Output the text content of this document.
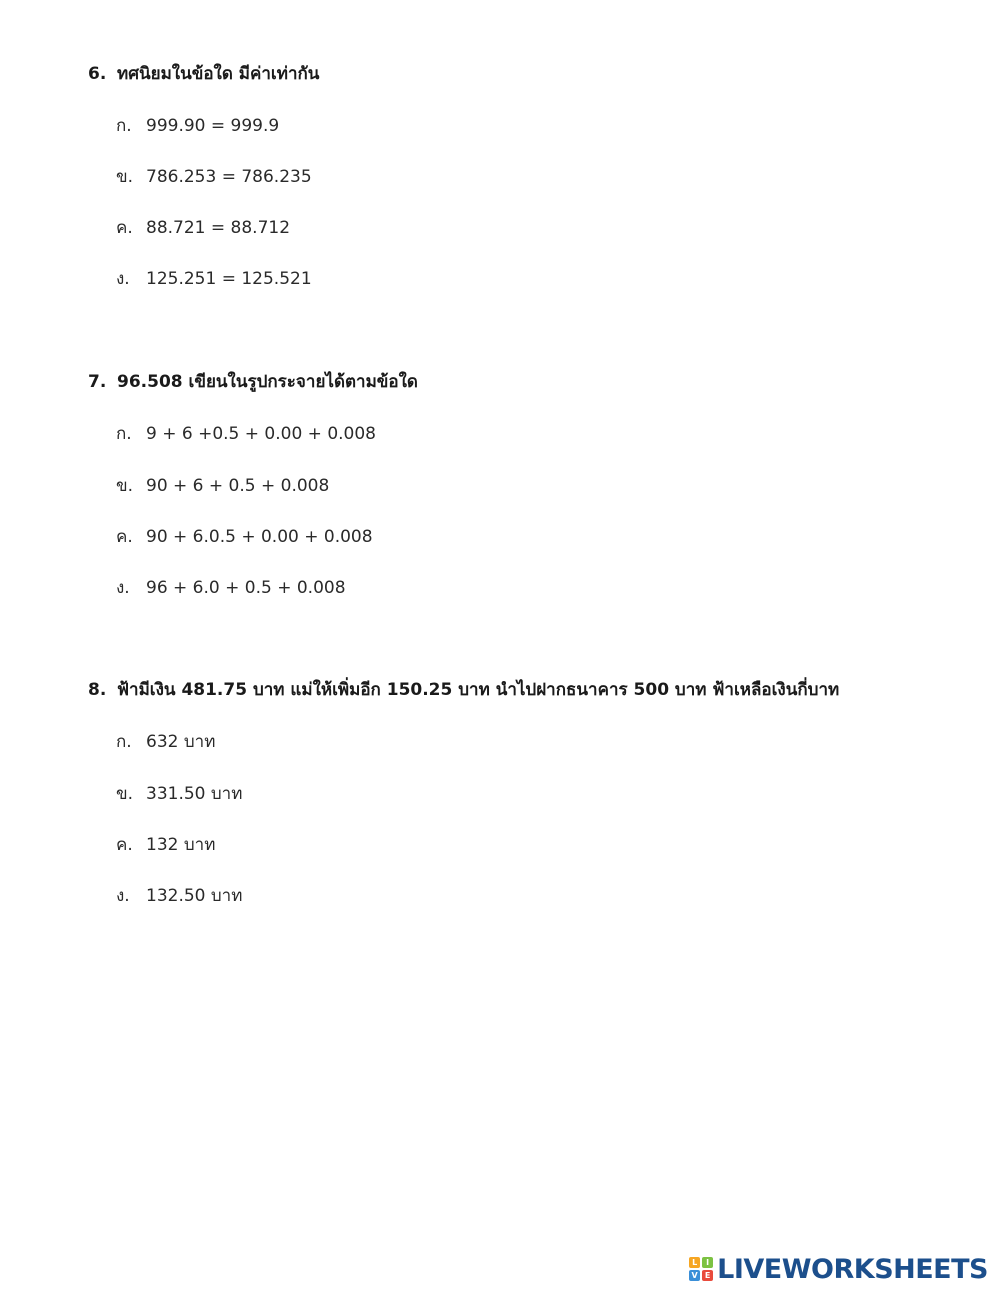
6. ทศนิยมในข้อใด มีค่าเท่ากัน
ก. 999.90 = 999.9
ข. 786.253 = 786.235
ค. 88.721 = 88.712
ง. 125.251 = 125.521
7. 96.508 เขียนในรูปกระจายได้ตามข้อใด
ก. 9 + 6 +0.5 + 0.00 + 0.008
ข. 90 + 6 + 0.5 + 0.008
ค. 90 + 6.0.5 + 0.00 + 0.008
ง. 96 + 6.0 + 0.5 + 0.008
8. ฟ้ามีเงิน 481.75 บาท แม่ให้เพิ่มอีก 150.25 บาท นำไปฝากธนาคาร 500 บาท ฟ้าเหลือเงินกี่บาท
ก. 632 บาท
ข. 331.50 บาท
ค. 132 บาท
ง. 132.50 บาท
L	I
V E LIVEWORKSHEETS
